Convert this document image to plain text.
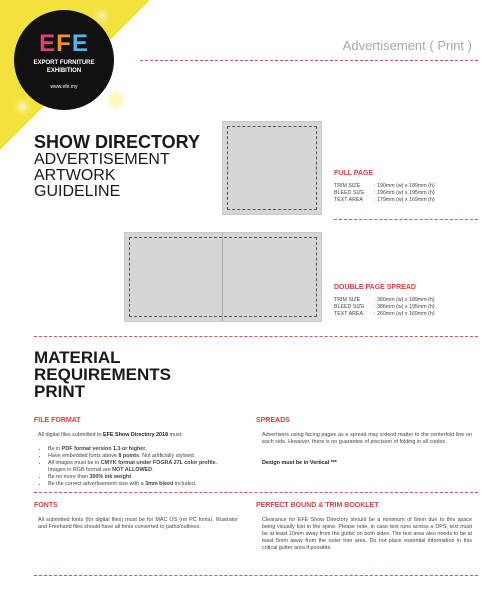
EFE
EXPORT FURNITURE
EXHIBITION
www.efe.my
Advertisement ( Print )
SHOW DIRECTORY
ADVERTISEMENT
ARTWORK
GUIDELINE
FULL PAGE
TRIM SIZE	: 190mm (w) x 189mm (h)
BLEED SIZE : 196mm (w) x 195mm (h)
TEXT AREA : 179mm (w) x 169mm (h)
DOUBLE PAGE SPREAD
TRIM SIZE	: 380mm (w) x 189mm (h)
BLEED SIZE : 386mm (w) x 195mm (h)
TEXT AREA : 260mm (w) x 169mm (h)
MATERIAL
REQUIREMENTS
PRINT
FILE FORMAT
All digital files submitted to EFE Show Directory 2018 must:
• Be in PDF format version 1.3 or higher.
• Have embedded fonts above 8 points. Not artificially stylised.
• All images must be in CMYK format under FOGRA 27L color profile.
Images in RGB format are NOT ALLOWED.
• Be no more than 300% ink weight
• Be the correct advertisement size with a 3mm bleed included.
SPREADS
Advertisers using facing pages as a spread may extend matter to the centerfold line on each side. However, there is no guarantee of precision of folding in all copies.
Design must be in Vertical ***
FONTS
All submitted fonts (for digital files) must be for MAC OS (no PC fonts). Illustrator and Freehand files should have all fonts converted to paths/outlines.
PERFECT BOUND & TRIM BOOKLET
Clearance for EFE Show Directory should be a minimum of 6mm due to this space being visually lost in the spine. Please note, in case text runs across a DPS, text must be at least 10mm away from the gutter on both sides. The text area also needs to be at least 5mm away from the outer trim area. Do not place essential information in this critical gutter area if possible.
